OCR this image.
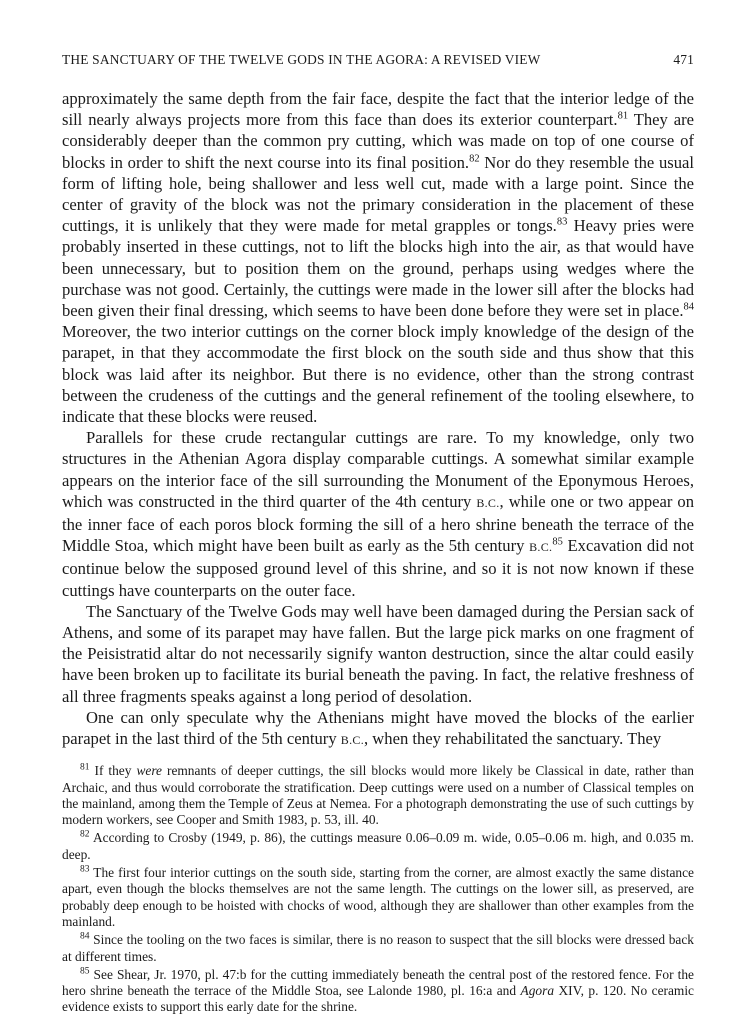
THE SANCTUARY OF THE TWELVE GODS IN THE AGORA: A REVISED VIEW	471

approximately the same depth from the fair face, despite the fact that the interior ledge of the sill nearly always projects more from this face than does its exterior counterpart.$^{81}$ They are considerably deeper than the common pry cutting, which was made on top of one course of blocks in order to shift the next course into its final position.$^{82}$ Nor do they resemble the usual form of lifting hole, being shallower and less well cut, made with a large point. Since the center of gravity of the block was not the primary consideration in the placement of these cuttings, it is unlikely that they were made for metal grapples or tongs.$^{83}$ Heavy pries were probably inserted in these cuttings, not to lift the blocks high into the air, as that would have been unnecessary, but to position them on the ground, perhaps using wedges where the purchase was not good. Certainly, the cuttings were made in the lower sill after the blocks had been given their final dressing, which seems to have been done before they were set in place.$^{84}$ Moreover, the two interior cuttings on the corner block imply knowledge of the design of the parapet, in that they accommodate the first block on the south side and thus show that this block was laid after its neighbor. But there is no evidence, other than the strong contrast between the crudeness of the cuttings and the general refinement of the tooling elsewhere, to indicate that these blocks were reused.

Parallels for these crude rectangular cuttings are rare. To my knowledge, only two structures in the Athenian Agora display comparable cuttings. A somewhat similar example appears on the interior face of the sill surrounding the Monument of the Eponymous Heroes, which was constructed in the third quarter of the 4th century B.C., while one or two appear on the inner face of each poros block forming the sill of a hero shrine beneath the terrace of the Middle Stoa, which might have been built as early as the 5th century B.C.$^{85}$ Excavation did not continue below the supposed ground level of this shrine, and so it is not now known if these cuttings have counterparts on the outer face.

The Sanctuary of the Twelve Gods may well have been damaged during the Persian sack of Athens, and some of its parapet may have fallen. But the large pick marks on one fragment of the Peisistratid altar do not necessarily signify wanton destruction, since the altar could easily have been broken up to facilitate its burial beneath the paving. In fact, the relative freshness of all three fragments speaks against a long period of desolation.

One can only speculate why the Athenians might have moved the blocks of the earlier parapet in the last third of the 5th century B.C., when they rehabilitated the sanctuary. They

$^{81}$ If they were remnants of deeper cuttings, the sill blocks would more likely be Classical in date, rather than Archaic, and thus would corroborate the stratification. Deep cuttings were used on a number of Classical temples on the mainland, among them the Temple of Zeus at Nemea. For a photograph demonstrating the use of such cuttings by modern workers, see Cooper and Smith 1983, p. 53, ill. 40.

$^{82}$ According to Crosby (1949, p. 86), the cuttings measure 0.06–0.09 m. wide, 0.05–0.06 m. high, and 0.035 m. deep.

$^{83}$ The first four interior cuttings on the south side, starting from the corner, are almost exactly the same distance apart, even though the blocks themselves are not the same length. The cuttings on the lower sill, as preserved, are probably deep enough to be hoisted with chocks of wood, although they are shallower than other examples from the mainland.

$^{84}$ Since the tooling on the two faces is similar, there is no reason to suspect that the sill blocks were dressed back at different times.

$^{85}$ See Shear, Jr. 1970, pl. 47:b for the cutting immediately beneath the central post of the restored fence. For the hero shrine beneath the terrace of the Middle Stoa, see Lalonde 1980, pl. 16:a and Agora XIV, p. 120. No ceramic evidence exists to support this early date for the shrine.
